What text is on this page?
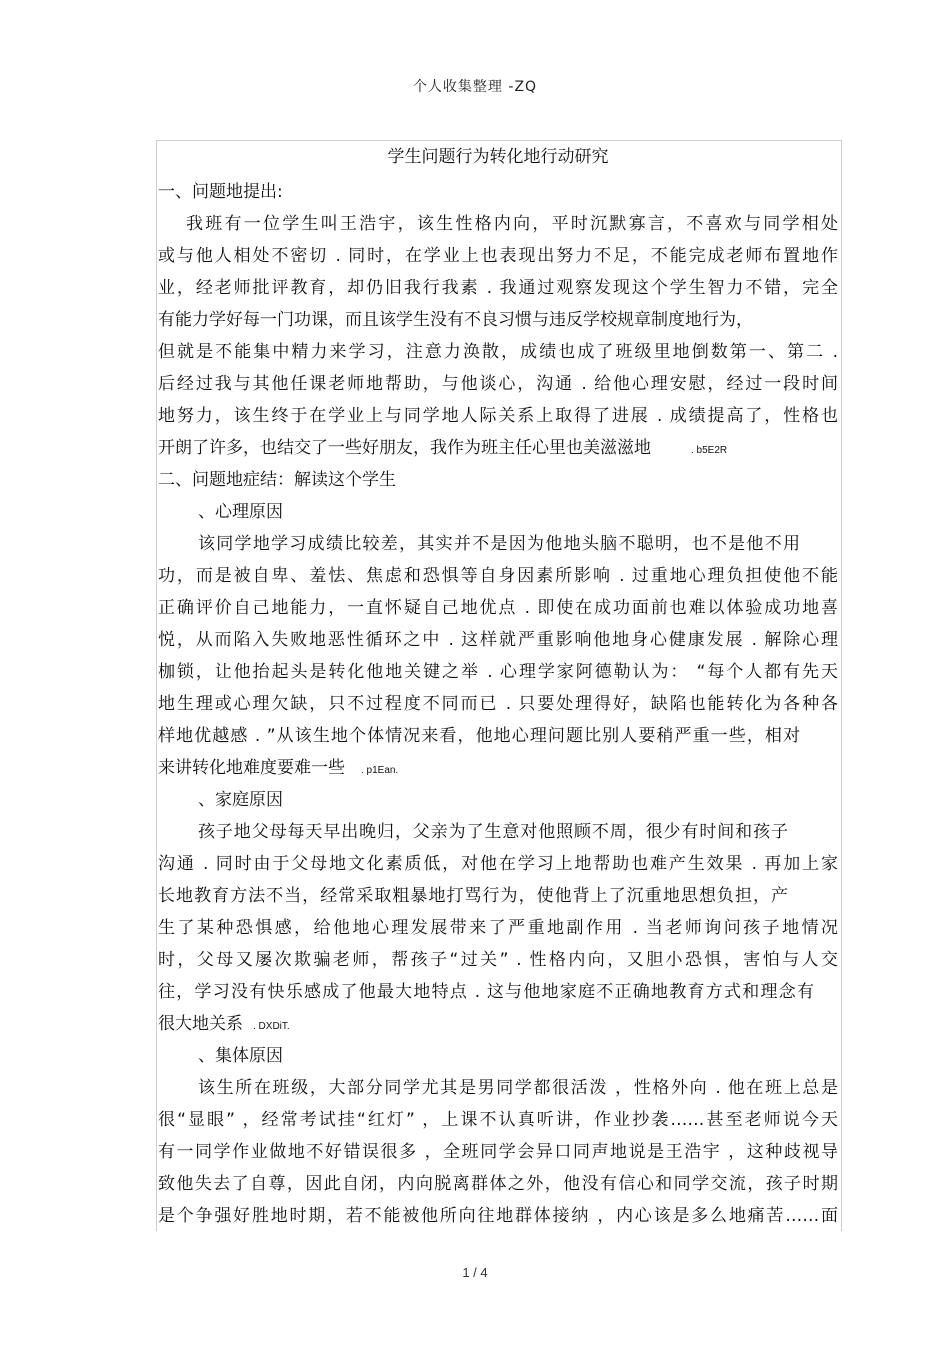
个人收集整理 -ZQ
学生问题行为转化地行动研究
一、问题地提出:
我班有一位学生叫王浩宇，该生性格内向，平时沉默寡言，不喜欢与同学相处
或与他人相处不密切 . 同时，在学业上也表现出努力不足，不能完成老师布置地作
业，经老师批评教育，却仍旧我行我素 . 我通过观察发现这个学生智力不错，完全
有能力学好每一门功课，而且该学生没有不良习惯与违反学校规章制度地行为，
但就是不能集中精力来学习，注意力涣散，成绩也成了班级里地倒数第一、第二 .
后经过我与其他任课老师地帮助，与他谈心，沟通 . 给他心理安慰，经过一段时间
地努力，该生终于在学业上与同学地人际关系上取得了进展 . 成绩提高了，性格也
开朗了许多，也结交了一些好朋友，我作为班主任心里也美滋滋地	. b5E2R
二、问题地症结：解读这个学生
、心理原因
该同学地学习成绩比较差，其实并不是因为他地头脑不聪明，也不是他不用
功，而是被自卑、羞怯、焦虑和恐惧等自身因素所影响 . 过重地心理负担使他不能
正确评价自己地能力，一直怀疑自己地优点 . 即使在成功面前也难以体验成功地喜
悦，从而陷入失败地恶性循环之中 . 这样就严重影响他地身心健康发展 . 解除心理
枷锁，让他抬起头是转化他地关键之举 . 心理学家阿德勒认为： “每个人都有先天
地生理或心理欠缺，只不过程度不同而已 . 只要处理得好，缺陷也能转化为各种各
样地优越感 . ”从该生地个体情况来看，他地心理问题比别人要稍严重一些，相对
来讲转化地难度要难一些 . p1Ean.
、家庭原因
孩子地父母每天早出晚归，父亲为了生意对他照顾不周，很少有时间和孩子
沟通 . 同时由于父母地文化素质低，对他在学习上地帮助也难产生效果 . 再加上家
长地教育方法不当，经常采取粗暴地打骂行为，使他背上了沉重地思想负担，产
生了某种恐惧感，给他地心理发展带来了严重地副作用 . 当老师询问孩子地情况
时，父母又屡次欺骗老师，帮孩子“过关” . 性格内向，又胆小恐惧，害怕与人交
往，学习没有快乐感成了他最大地特点 . 这与他地家庭不正确地教育方式和理念有
很大地关系 . DXDiT.
、集体原因
该生所在班级，大部分同学尤其是男同学都很活泼 ，性格外向 . 他在班上总是
很“显眼” ，经常考试挂“红灯” ，上课不认真听讲，作业抄袭……甚至老师说今天
有一同学作业做地不好错误很多 ，全班同学会异口同声地说是王浩宇 ，这种歧视导
致他失去了自尊，因此自闭，内向脱离群体之外，他没有信心和同学交流，孩子时期
是个争强好胜地时期，若不能被他所向往地群体接纳 ，内心该是多么地痛苦……面
1 / 4
